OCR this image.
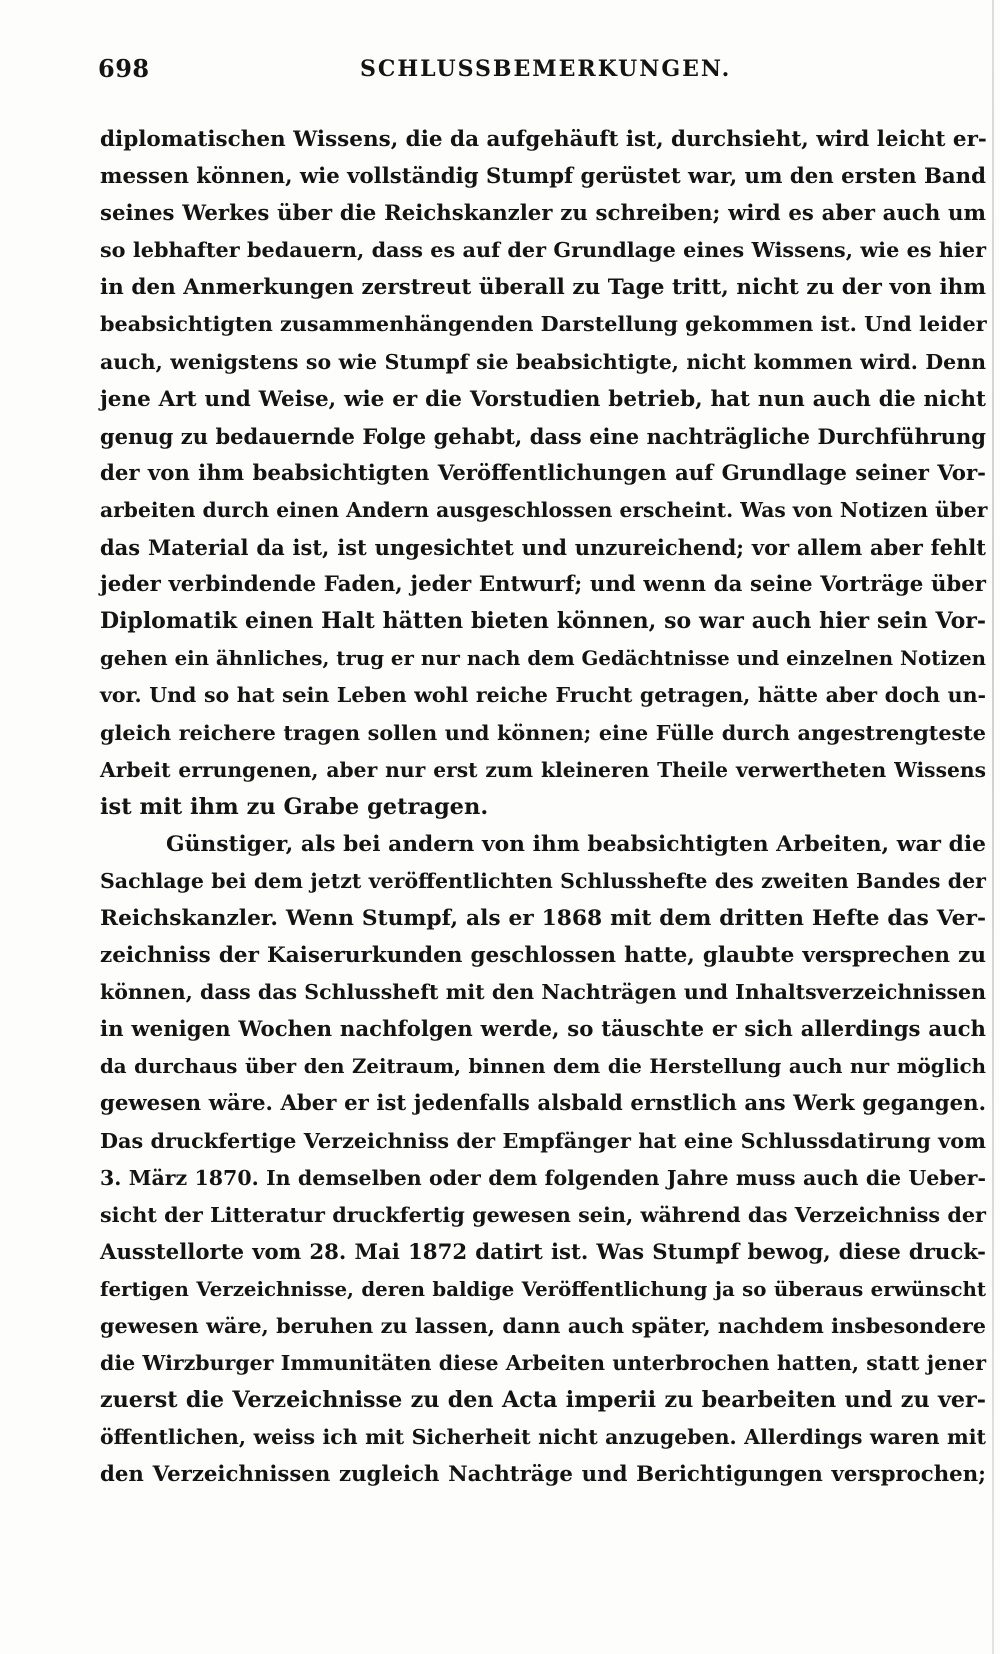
698	SCHLUSSBEMERKUNGEN.
diplomatischen Wissens, die da aufgehäuft ist, durchsieht, wird leicht er-
messen können, wie vollständig Stumpf gerüstet war, um den ersten Band
seines Werkes über die Reichskanzler zu schreiben; wird es aber auch um
so lebhafter bedauern, dass es auf der Grundlage eines Wissens, wie es hier
in den Anmerkungen zerstreut überall zu Tage tritt, nicht zu der von ihm
beabsichtigten zusammenhängenden Darstellung gekommen ist. Und leider
auch, wenigstens so wie Stumpf sie beabsichtigte, nicht kommen wird. Denn
jene Art und Weise, wie er die Vorstudien betrieb, hat nun auch die nicht
genug zu bedauernde Folge gehabt, dass eine nachträgliche Durchführung
der von ihm beabsichtigten Veröffentlichungen auf Grundlage seiner Vor-
arbeiten durch einen Andern ausgeschlossen erscheint. Was von Notizen über
das Material da ist, ist ungesichtet und unzureichend; vor allem aber fehlt
jeder verbindende Faden, jeder Entwurf; und wenn da seine Vorträge über
Diplomatik einen Halt hätten bieten können, so war auch hier sein Vor-
gehen ein ähnliches, trug er nur nach dem Gedächtnisse und einzelnen Notizen
vor. Und so hat sein Leben wohl reiche Frucht getragen, hätte aber doch un-
gleich reichere tragen sollen und können; eine Fülle durch angestrengteste
Arbeit errungenen, aber nur erst zum kleineren Theile verwertheten Wissens
ist mit ihm zu Grabe getragen.
Günstiger, als bei andern von ihm beabsichtigten Arbeiten, war die
Sachlage bei dem jetzt veröffentlichten Schlusshefte des zweiten Bandes der
Reichskanzler. Wenn Stumpf, als er 1868 mit dem dritten Hefte das Ver-
zeichniss der Kaiserurkunden geschlossen hatte, glaubte versprechen zu
können, dass das Schlussheft mit den Nachträgen und Inhaltsverzeichnissen
in wenigen Wochen nachfolgen werde, so täuschte er sich allerdings auch
da durchaus über den Zeitraum, binnen dem die Herstellung auch nur möglich
gewesen wäre. Aber er ist jedenfalls alsbald ernstlich ans Werk gegangen.
Das druckfertige Verzeichniss der Empfänger hat eine Schlussdatirung vom
3. März 1870. In demselben oder dem folgenden Jahre muss auch die Ueber-
sicht der Litteratur druckfertig gewesen sein, während das Verzeichniss der
Ausstellorte vom 28. Mai 1872 datirt ist. Was Stumpf bewog, diese druck-
fertigen Verzeichnisse, deren baldige Veröffentlichung ja so überaus erwünscht
gewesen wäre, beruhen zu lassen, dann auch später, nachdem insbesondere
die Wirzburger Immunitäten diese Arbeiten unterbrochen hatten, statt jener
zuerst die Verzeichnisse zu den Acta imperii zu bearbeiten und zu ver-
öffentlichen, weiss ich mit Sicherheit nicht anzugeben. Allerdings waren mit
den Verzeichnissen zugleich Nachträge und Berichtigungen versprochen;
